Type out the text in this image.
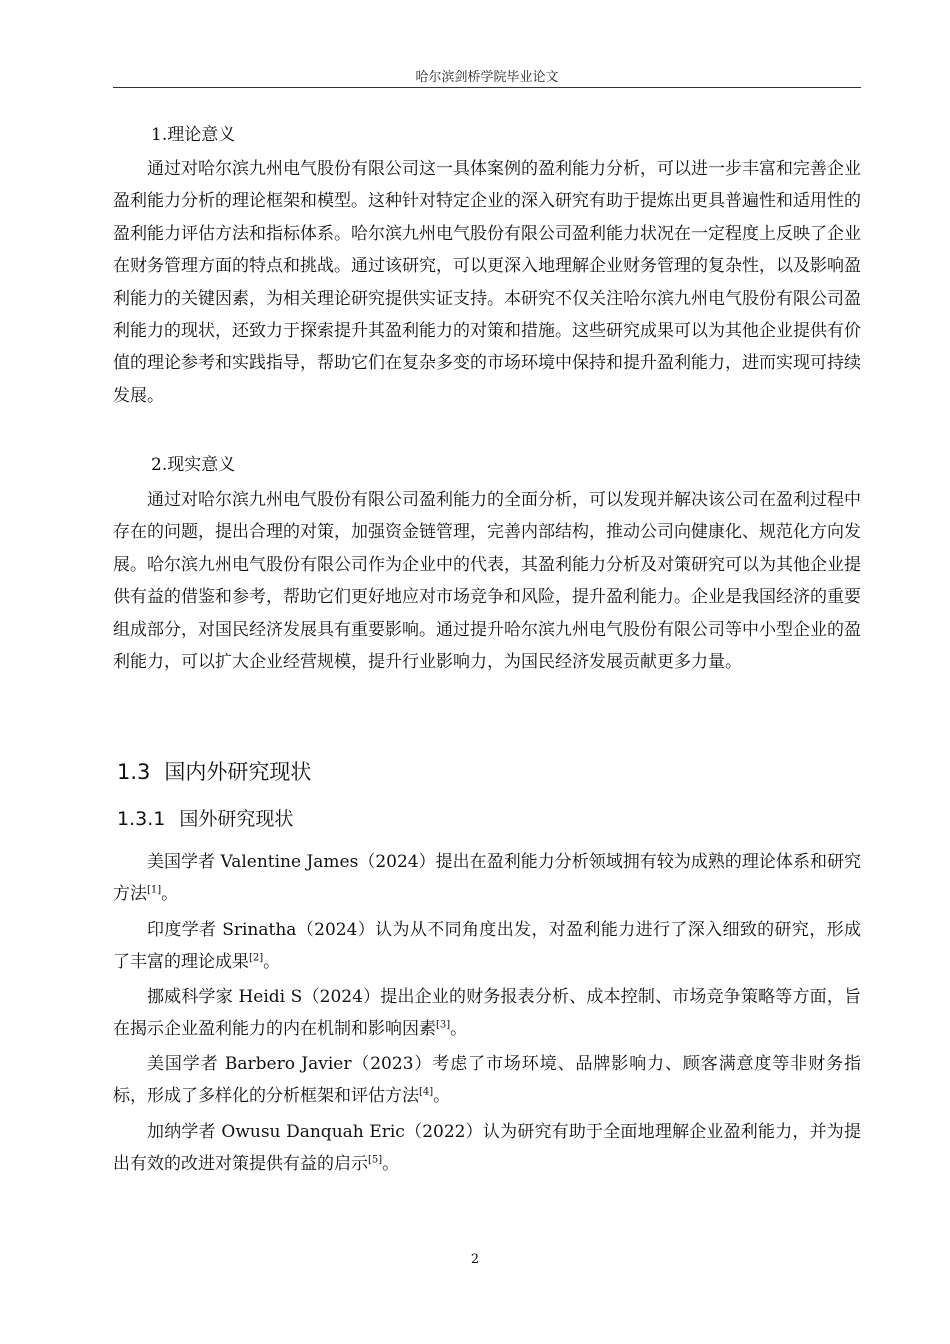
哈尔滨剑桥学院毕业论文

1.理论意义

通过对哈尔滨九州电气股份有限公司这一具体案例的盈利能力分析，可以进一步丰富和完善企业盈利能力分析的理论框架和模型。这种针对特定企业的深入研究有助于提炼出更具普遍性和适用性的盈利能力评估方法和指标体系。哈尔滨九州电气股份有限公司盈利能力状况在一定程度上反映了企业在财务管理方面的特点和挑战。通过该研究，可以更深入地理解企业财务管理的复杂性，以及影响盈利能力的关键因素，为相关理论研究提供实证支持。本研究不仅关注哈尔滨九州电气股份有限公司盈利能力的现状，还致力于探索提升其盈利能力的对策和措施。这些研究成果可以为其他企业提供有价值的理论参考和实践指导，帮助它们在复杂多变的市场环境中保持和提升盈利能力，进而实现可持续发展。

2.现实意义

通过对哈尔滨九州电气股份有限公司盈利能力的全面分析，可以发现并解决该公司在盈利过程中存在的问题，提出合理的对策，加强资金链管理，完善内部结构，推动公司向健康化、规范化方向发展。哈尔滨九州电气股份有限公司作为企业中的代表，其盈利能力分析及对策研究可以为其他企业提供有益的借鉴和参考，帮助它们更好地应对市场竞争和风险，提升盈利能力。企业是我国经济的重要组成部分，对国民经济发展具有重要影响。通过提升哈尔滨九州电气股份有限公司等中小型企业的盈利能力，可以扩大企业经营规模，提升行业影响力，为国民经济发展贡献更多力量。

1.3 国内外研究现状
1.3.1 国外研究现状

美国学者 Valentine James（2024）提出在盈利能力分析领域拥有较为成熟的理论体系和研究方法[1]。

印度学者 Srinatha（2024）认为从不同角度出发，对盈利能力进行了深入细致的研究，形成了丰富的理论成果[2]。

挪威科学家 Heidi S（2024）提出企业的财务报表分析、成本控制、市场竞争策略等方面，旨在揭示企业盈利能力的内在机制和影响因素[3]。

美国学者 Barbero Javier（2023）考虑了市场环境、品牌影响力、顾客满意度等非财务指标，形成了多样化的分析框架和评估方法[4]。

加纳学者 Owusu Danquah Eric（2022）认为研究有助于全面地理解企业盈利能力，并为提出有效的改进对策提供有益的启示[5]。

2
